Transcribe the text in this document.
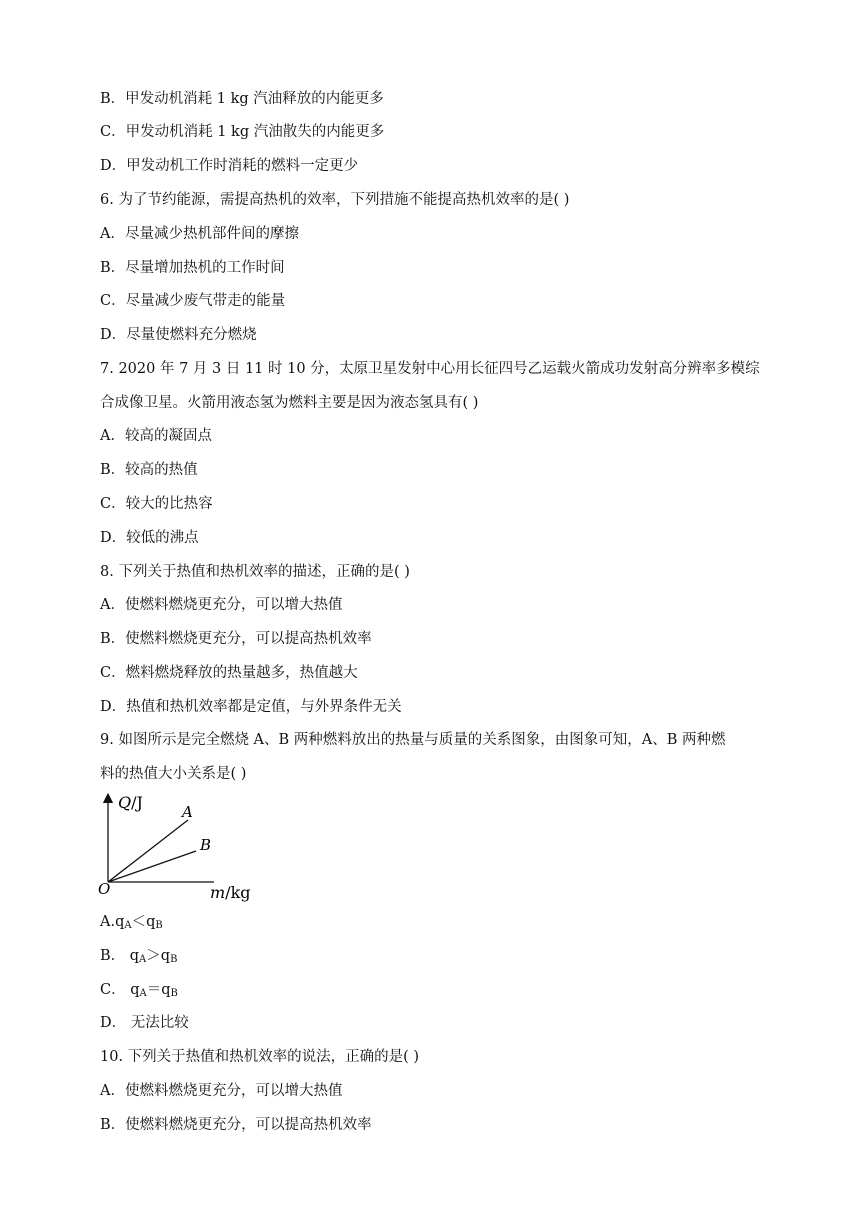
B．甲发动机消耗 1 kg 汽油释放的内能更多
C．甲发动机消耗 1 kg 汽油散失的内能更多
D．甲发动机工作时消耗的燃料一定更少
6. 为了节约能源，需提高热机的效率，下列措施不能提高热机效率的是( )
A．尽量减少热机部件间的摩擦
B．尽量增加热机的工作时间
C．尽量减少废气带走的能量
D．尽量使燃料充分燃烧
7. 2020 年 7 月 3 日 11 时 10 分，太原卫星发射中心用长征四号乙运载火箭成功发射高分辨率多模综
合成像卫星。火箭用液态氢为燃料主要是因为液态氢具有( )
A．较高的凝固点
B．较高的热值
C．较大的比热容
D．较低的沸点
8. 下列关于热值和热机效率的描述，正确的是( )
A．使燃料燃烧更充分，可以增大热值
B．使燃料燃烧更充分，可以提高热机效率
C．燃料燃烧释放的热量越多，热值越大
D．热值和热机效率都是定值，与外界条件无关
9. 如图所示是完全燃烧 A、B 两种燃料放出的热量与质量的关系图象，由图象可知，A、B 两种燃
料的热值大小关系是( )
Q/J	A
B
O	m/kg
$A.q_A<q_B$
B． $q_A>q_B$
C． $q_A=q_B$
D． 无法比较
10. 下列关于热值和热机效率的说法，正确的是( )
A．使燃料燃烧更充分，可以增大热值
B．使燃料燃烧更充分，可以提高热机效率
